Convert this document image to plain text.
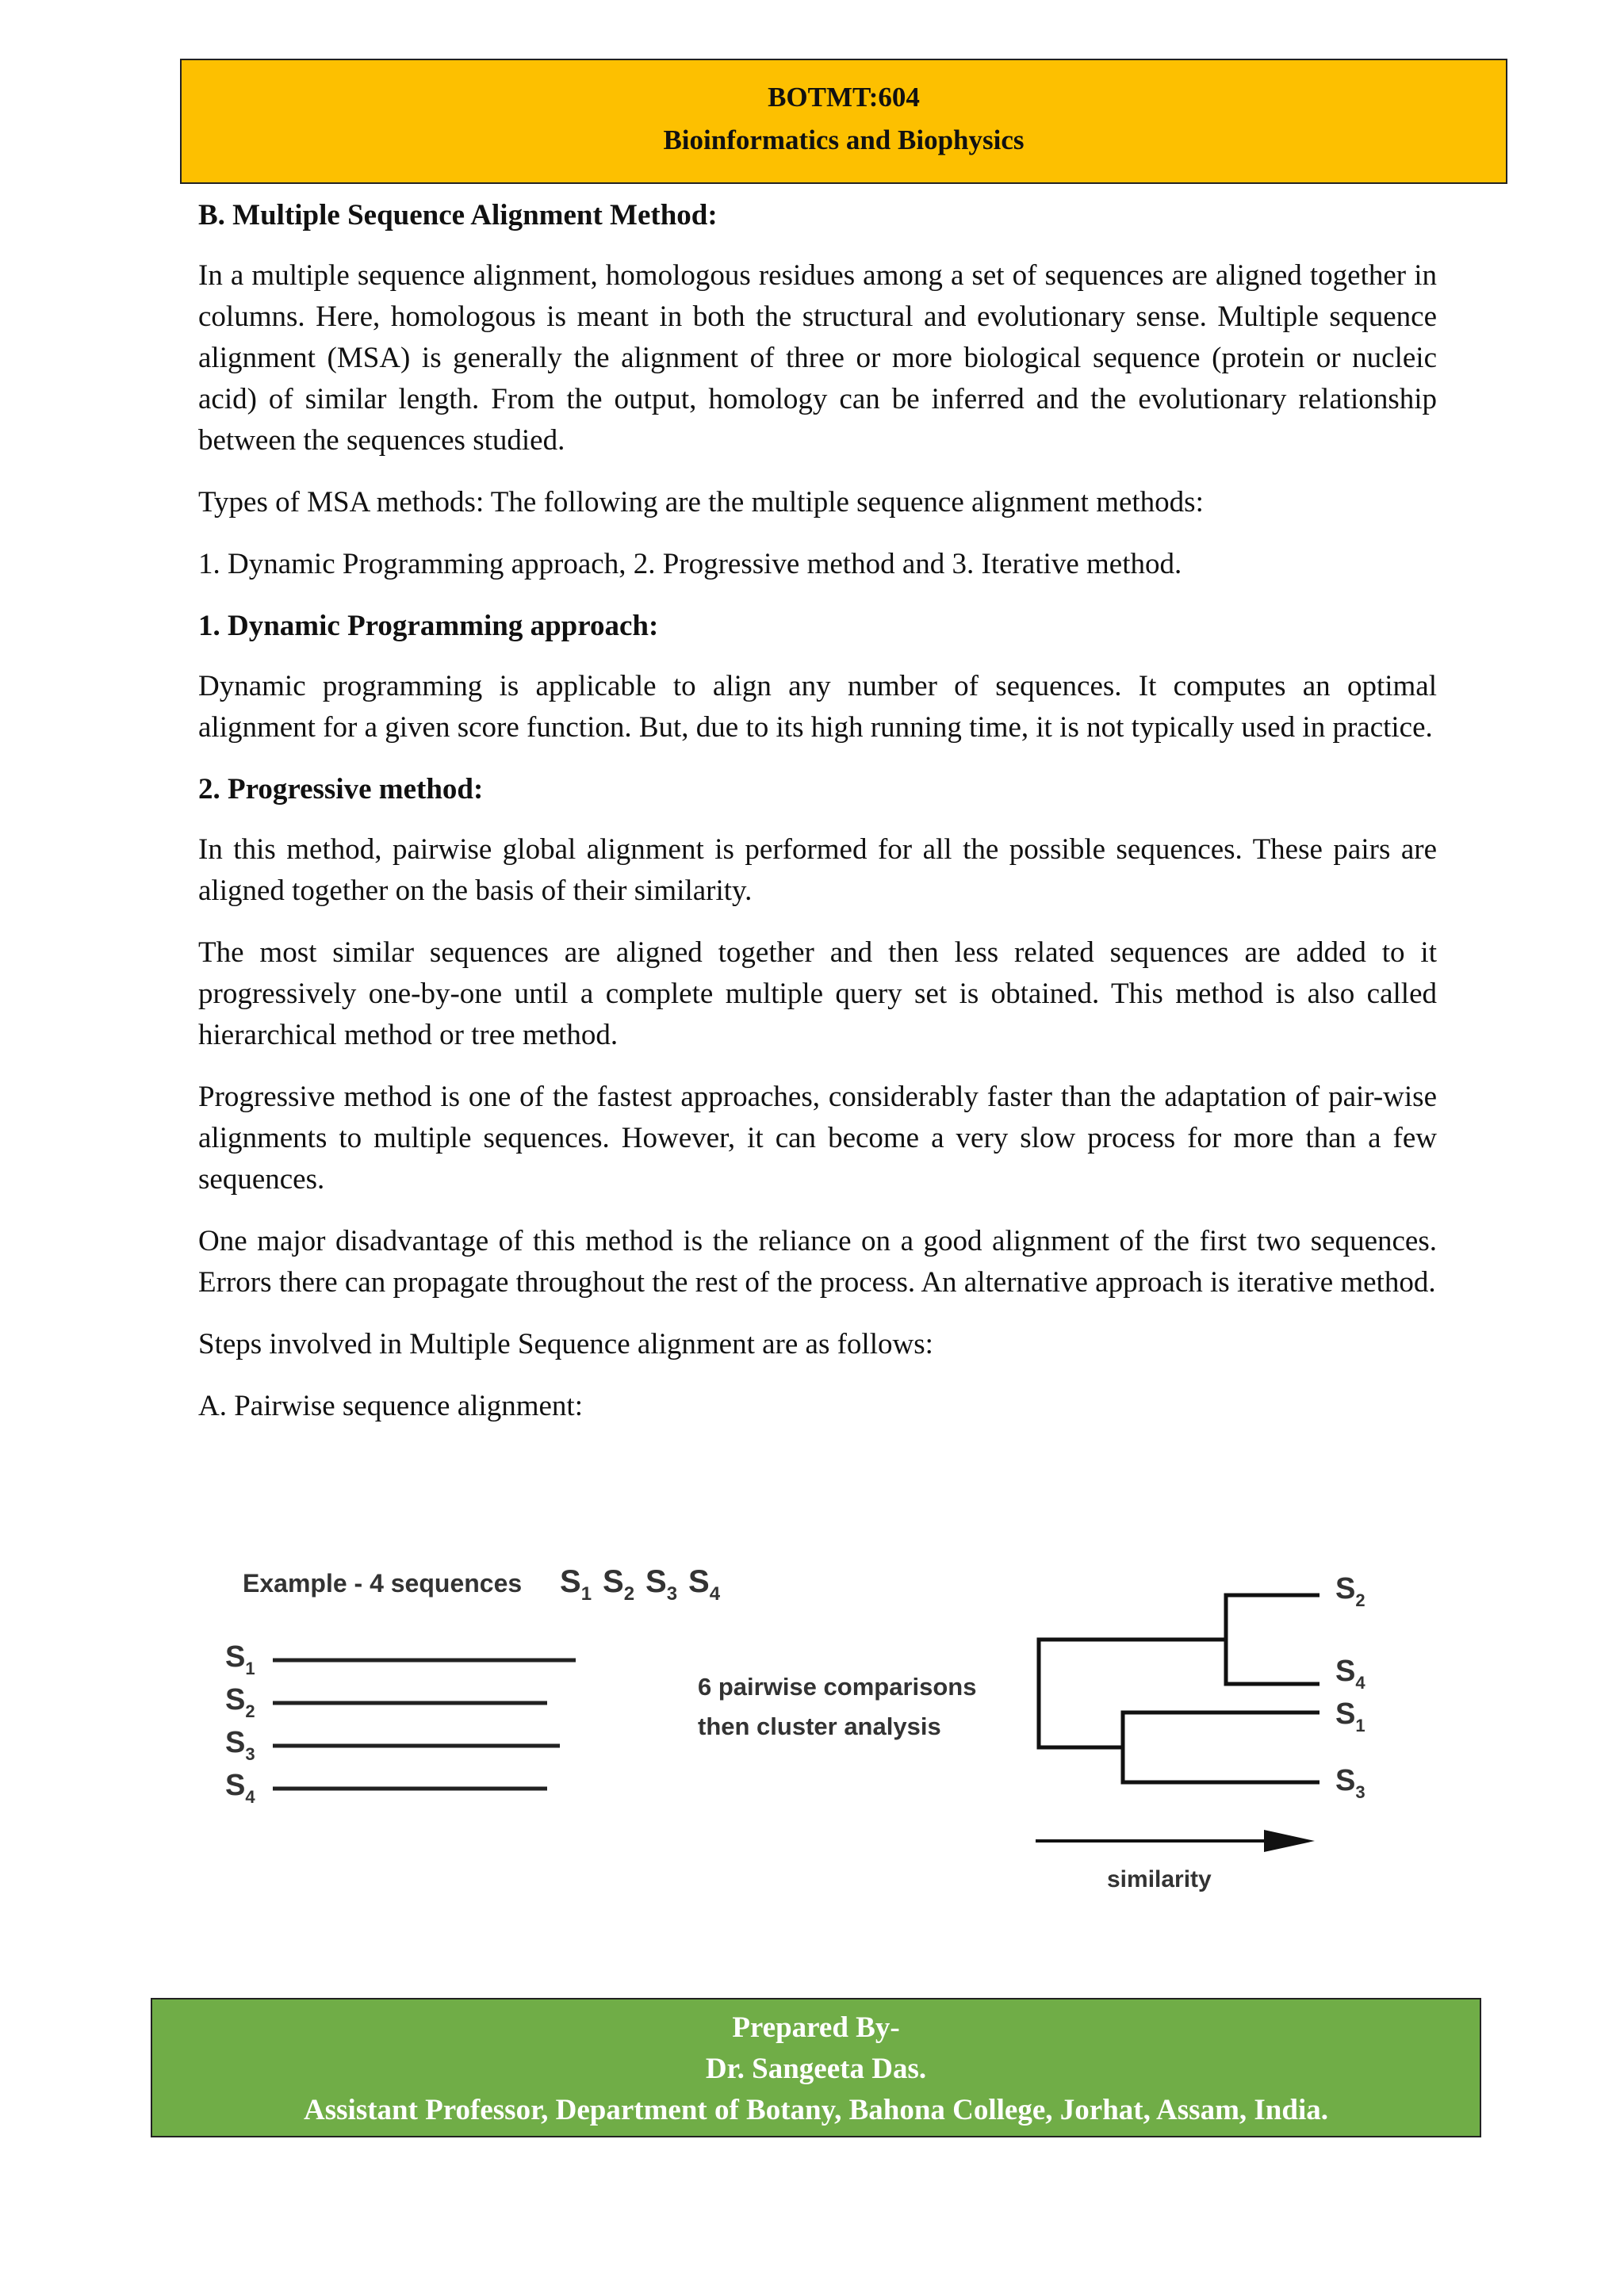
BOTMT:604
Bioinformatics and Biophysics
B. Multiple Sequence Alignment Method:

In a multiple sequence alignment, homologous residues among a set of sequences are aligned together in columns. Here, homologous is meant in both the structural and evolutionary sense. Multiple sequence alignment (MSA) is generally the alignment of three or more biological sequence (protein or nucleic acid) of similar length. From the output, homology can be inferred and the evolutionary relationship between the sequences studied.

Types of MSA methods: The following are the multiple sequence alignment methods:

1. Dynamic Programming approach, 2. Progressive method and 3. Iterative method.

1. Dynamic Programming approach:

Dynamic programming is applicable to align any number of sequences. It computes an optimal alignment for a given score function. But, due to its high running time, it is not typically used in practice.

2. Progressive method:

In this method, pairwise global alignment is performed for all the possible sequences. These pairs are aligned together on the basis of their similarity.

The most similar sequences are aligned together and then less related sequences are added to it progressively one-by-one until a complete multiple query set is obtained. This method is also called hierarchical method or tree method.

Progressive method is one of the fastest approaches, considerably faster than the adaptation of pair-wise alignments to multiple sequences. However, it can become a very slow process for more than a few sequences.

One major disadvantage of this method is the reliance on a good alignment of the first two sequences. Errors there can propagate throughout the rest of the process. An alternative approach is iterative method.

Steps involved in Multiple Sequence alignment are as follows:

A. Pairwise sequence alignment:

Example - 4 sequences $S_1$ $S_2$ $S_3$ $S_4$
$S_1$
$S_2$
$S_3$
$S_4$
6 pairwise comparisons
then cluster analysis
$S_2$
$S_4$
$S_1$
$S_3$
similarity
Prepared By-
Dr. Sangeeta Das.
Assistant Professor, Department of Botany, Bahona College, Jorhat, Assam, India.
